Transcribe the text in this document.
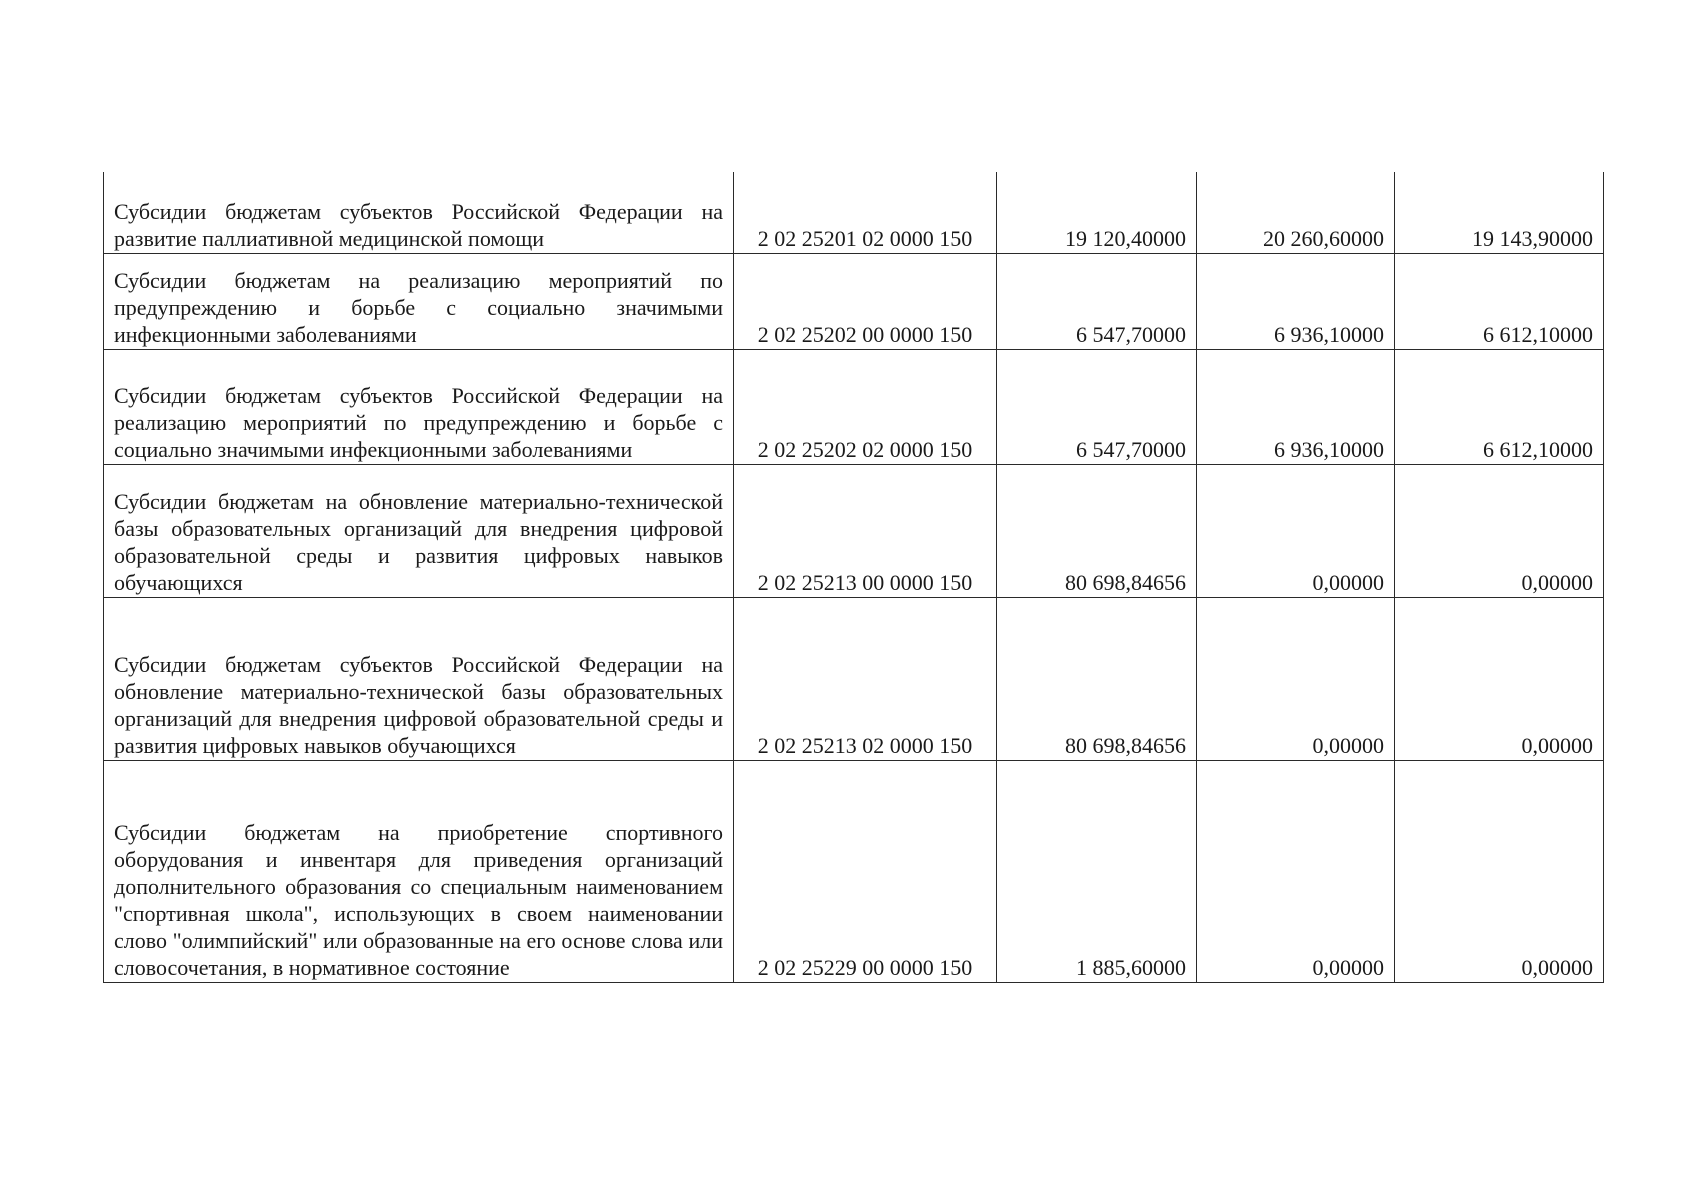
Субсидии бюджетам субъектов Российской Федерации на развитие паллиативной медицинской помощи	2 02 25201 02 0000 150	19 120,40000	20 260,60000	19 143,90000
Субсидии бюджетам на реализацию мероприятий по предупреждению и борьбе с социально значимыми инфекционными заболеваниями	2 02 25202 00 0000 150	6 547,70000	6 936,10000	6 612,10000
Субсидии бюджетам субъектов Российской Федерации на реализацию мероприятий по предупреждению и борьбе с социально значимыми инфекционными заболеваниями	2 02 25202 02 0000 150	6 547,70000	6 936,10000	6 612,10000
Субсидии бюджетам на обновление материально-технической базы образовательных организаций для внедрения цифровой образовательной среды и развития цифровых навыков обучающихся	2 02 25213 00 0000 150	80 698,84656	0,00000	0,00000
Субсидии бюджетам субъектов Российской Федерации на обновление материально-технической базы образовательных организаций для внедрения цифровой образовательной среды и развития цифровых навыков обучающихся	2 02 25213 02 0000 150	80 698,84656	0,00000	0,00000
Субсидии бюджетам на приобретение спортивного оборудования и инвентаря для приведения организаций дополнительного образования со специальным наименованием "спортивная школа", использующих в своем наименовании слово "олимпийский" или образованные на его основе слова или словосочетания, в нормативное состояние	2 02 25229 00 0000 150	1 885,60000	0,00000	0,00000
